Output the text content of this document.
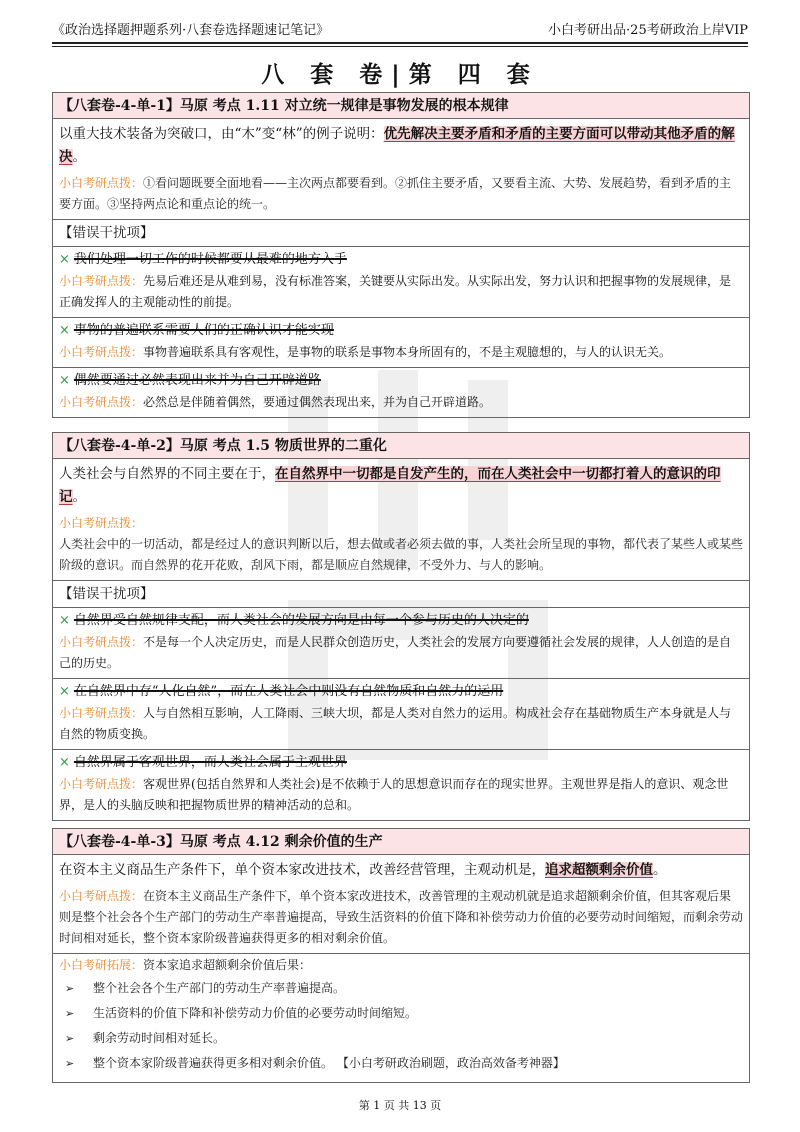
《政治选择题押题系列·八套卷选择题速记笔记》	小白考研出品·25考研政治上岸VIP
八 套 卷|第 四 套
【八套卷-4-单-1】马原 考点 1.11 对立统一规律是事物发展的根本规律
以重大技术装备为突破口，由“木”变“林”的例子说明：优先解决主要矛盾和矛盾的主要方面可以带动其他矛盾的解决。
小白考研点拨：①看问题既要全面地看——主次两点都要看到。②抓住主要矛盾，又要看主流、大势、发展趋势，看到矛盾的主要方面。③坚持两点论和重点论的统一。
【错误干扰项】
× 我们处理一切工作的时候都要从最难的地方入手
小白考研点拨：先易后难还是从难到易，没有标准答案，关键要从实际出发。从实际出发，努力认识和把握事物的发展规律，是正确发挥人的主观能动性的前提。
× 事物的普遍联系需要人们的正确认识才能实现
小白考研点拨：事物普遍联系具有客观性，是事物的联系是事物本身所固有的，不是主观臆想的，与人的认识无关。
× 偶然要通过必然表现出来并为自己开辟道路
小白考研点拨：必然总是伴随着偶然，要通过偶然表现出来，并为自己开辟道路。
【八套卷-4-单-2】马原 考点 1.5 物质世界的二重化
人类社会与自然界的不同主要在于，在自然界中一切都是自发产生的，而在人类社会中一切都打着人的意识的印记。
小白考研点拨：
人类社会中的一切活动，都是经过人的意识判断以后，想去做或者必须去做的事，人类社会所呈现的事物，都代表了某些人或某些阶级的意识。而自然界的花开花败，刮风下雨，都是顺应自然规律，不受外力、与人的影响。
【错误干扰项】
× 自然界受自然规律支配，而人类社会的发展方向是由每一个参与历史的人决定的
小白考研点拨：不是每一个人决定历史，而是人民群众创造历史，人类社会的发展方向要遵循社会发展的规律，人人创造的是自己的历史。
× 在自然界中存“人化自然”，而在人类社会中则没有自然物质和自然力的运用
小白考研点拨：人与自然相互影响，人工降雨、三峡大坝，都是人类对自然力的运用。构成社会存在基础物质生产本身就是人与自然的物质变换。
× 自然界属于客观世界，而人类社会属于主观世界
小白考研点拨：客观世界(包括自然界和人类社会)是不依赖于人的思想意识而存在的现实世界。主观世界是指人的意识、观念世界，是人的头脑反映和把握物质世界的精神活动的总和。
【八套卷-4-单-3】马原 考点 4.12 剩余价值的生产
在资本主义商品生产条件下，单个资本家改进技术，改善经营管理，主观动机是，追求超额剩余价值。
小白考研点拨：在资本主义商品生产条件下，单个资本家改进技术，改善管理的主观动机就是追求超额剩余价值，但其客观后果则是整个社会各个生产部门的劳动生产率普遍提高，导致生活资料的价值下降和补偿劳动力价值的必要劳动时间缩短，而剩余劳动时间相对延长，整个资本家阶级普遍获得更多的相对剩余价值。
小白考研拓展：资本家追求超额剩余价值后果：
➢	整个社会各个生产部门的劳动生产率普遍提高。
➢	生活资料的价值下降和补偿劳动力价值的必要劳动时间缩短。
➢	剩余劳动时间相对延长。
➢	整个资本家阶级普遍获得更多相对剩余价值。 【小白考研政治刷题，政治高效备考神器】
第 1 页 共 13 页
